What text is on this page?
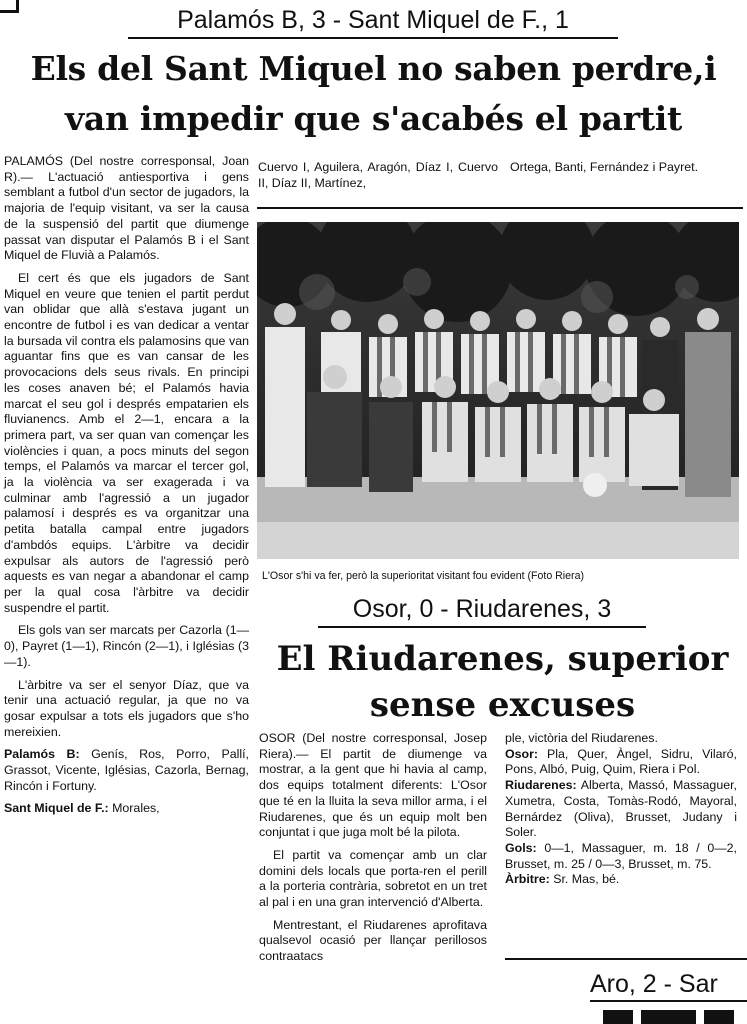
Palamós B, 3 - Sant Miquel de F., 1
Els del Sant Miquel no saben perdre,i
van impedir que s'acabés el partit

PALAMÓS (Del nostre corresponsal, Joan R).— L'actuació antiesportiva i gens semblant a futbol d'un sector de jugadors, la majoria de l'equip visitant, va ser la causa de la suspensió del partit que diumenge passat van disputar el Palamós B i el Sant Miquel de Fluvià a Palamós.

El cert és que els jugadors de Sant Miquel en veure que tenien el partit perdut van oblidar que allà s'estava jugant un encontre de futbol i es van dedicar a ventar la bursada vil contra els palamosins que van aguantar fins que es van cansar de les provocacions dels seus rivals. En principi les coses anaven bé; el Palamós havia marcat el seu gol i després empatarien els fluvianencs. Amb el 2—1, encara a la primera part, va ser quan van començar les violències i quan, a pocs minuts del segon temps, el Palamós va marcar el tercer gol, ja la violència va ser exagerada i va culminar amb l'agressió a un jugador palamosí i després es va organitzar una petita batalla campal entre jugadors d'ambdós equips. L'àrbitre va decidir expulsar als autors de l'agressió però aquests es van negar a abandonar el camp per la qual cosa l'àrbitre va decidir suspendre el partit.

Els gols van ser marcats per Cazorla (1—0), Payret (1—1), Rincón (2—1), i Iglésias (3—1).

L'àrbitre va ser el senyor Díaz, que va tenir una actuació regular, ja que no va gosar expulsar a tots els jugadors que s'ho mereixien.

Palamós B: Genís, Ros, Porro, Pallí, Grassot, Vicente, Iglésias, Cazorla, Bernag, Rincón i Fortuny.

Sant Miquel de F.: Morales,

Cuervo I, Aguilera, Aragón, Díaz I, Cuervo II, Díaz II, Martínez,

Ortega, Banti, Fernández i Payret.

L'Osor s'hi va fer, però la superioritat visitant fou evident (Foto Riera)
Osor, 0 - Riudarenes, 3
El Riudarenes, superior
sense excuses

OSOR (Del nostre corresponsal, Josep Riera).— El partit de diumenge va mostrar, a la gent que hi havia al camp, dos equips totalment diferents: L'Osor que té en la lluita la seva millor arma, i el Riudarenes, que és un equip molt ben conjuntat i que juga molt bé la pilota.

El partit va començar amb un clar domini dels locals que porta-ren el perill a la porteria contrària, sobretot en un tret al pal i en una gran intervenció d'Alberta.

Mentrestant, el Riudarenes aprofitava qualsevol ocasió per llançar perillosos contraatacs

ple, victòria del Riudarenes.

Osor: Pla, Quer, Àngel, Sidru, Vilaró, Pons, Albó, Puig, Quim, Riera i Pol.

Riudarenes: Alberta, Massó, Massaguer, Xumetra, Costa, Tomàs-Rodó, Mayoral, Bernárdez (Oliva), Brusset, Judany i Soler.

Gols: 0—1, Massaguer, m. 18 / 0—2, Brusset, m. 25 / 0—3, Brusset, m. 75.

Àrbitre: Sr. Mas, bé.

Aro, 2 - Sar
